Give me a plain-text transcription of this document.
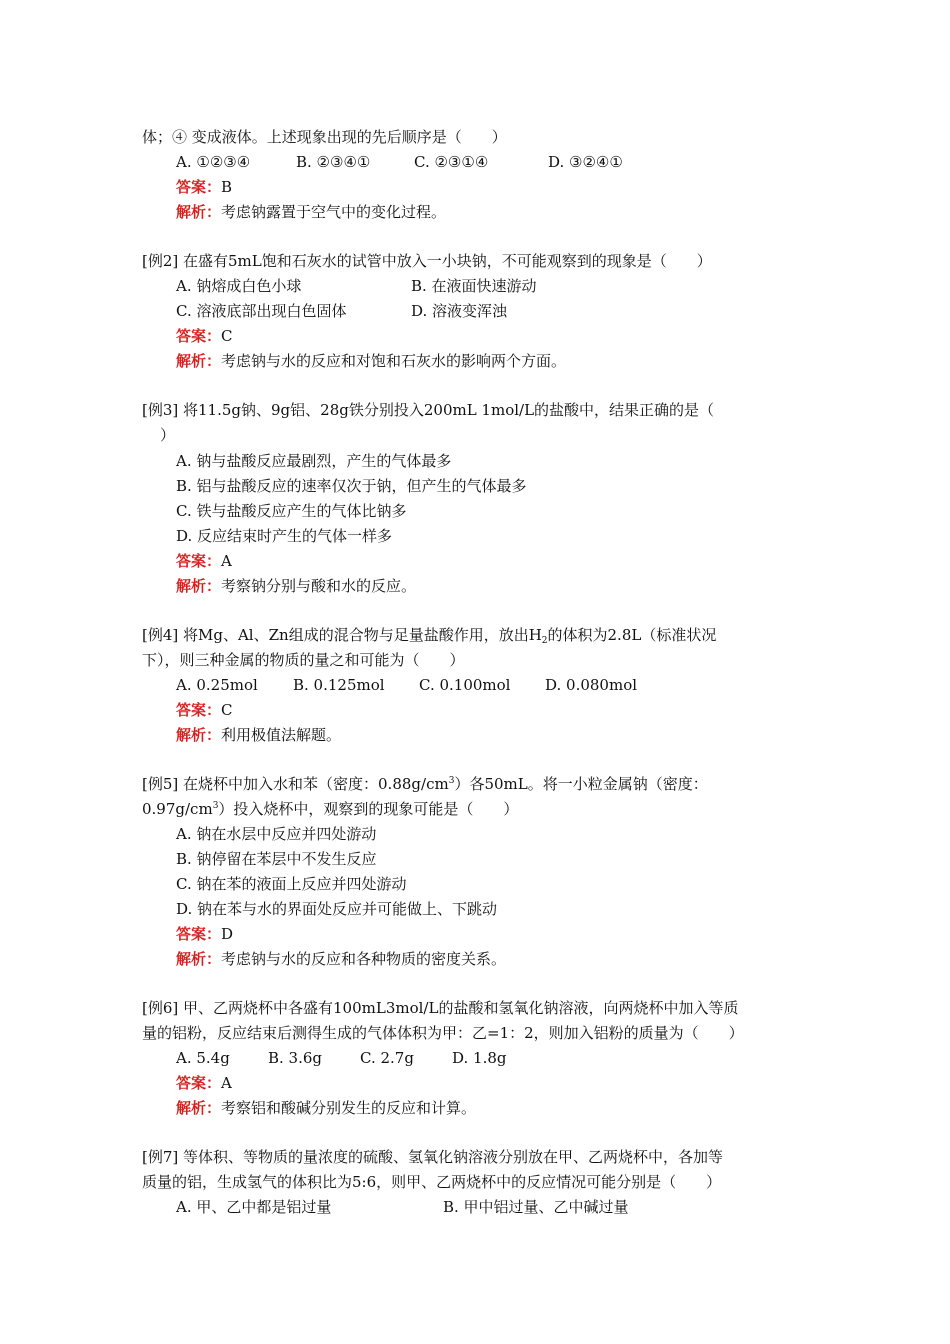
体；④ 变成液体。上述现象出现的先后顺序是（　　）
A. ①②③④	B. ②③④①	C. ②③①④	D. ③②④①
答案：B
解析：考虑钠露置于空气中的变化过程。
[例2] 在盛有5mL饱和石灰水的试管中放入一小块钠，不可能观察到的现象是（　　）
A. 钠熔成白色小球	B. 在液面快速游动
C. 溶液底部出现白色固体	D. 溶液变浑浊
答案：C
解析：考虑钠与水的反应和对饱和石灰水的影响两个方面。
[例3] 将11.5g钠、9g铝、28g铁分别投入200mL 1mol/L的盐酸中，结果正确的是（
）
A. 钠与盐酸反应最剧烈，产生的气体最多
B. 铝与盐酸反应的速率仅次于钠，但产生的气体最多
C. 铁与盐酸反应产生的气体比钠多
D. 反应结束时产生的气体一样多
答案：A
解析：考察钠分别与酸和水的反应。
[例4] 将Mg、Al、Zn组成的混合物与足量盐酸作用，放出$H_2$的体积为2.8L（标准状况
下），则三种金属的物质的量之和可能为（　　）
A. 0.25mol B. 0.125mol C. 0.100mol D. 0.080mol
答案：C
解析：利用极值法解题。
[例5] 在烧杯中加入水和苯（密度：$0.88g/cm^3$）各50mL。将一小粒金属钠（密度：
$0.97g/cm^3$）投入烧杯中，观察到的现象可能是（　　）
A. 钠在水层中反应并四处游动
B. 钠停留在苯层中不发生反应
C. 钠在苯的液面上反应并四处游动
D. 钠在苯与水的界面处反应并可能做上、下跳动
答案：D
解析：考虑钠与水的反应和各种物质的密度关系。
[例6] 甲、乙两烧杯中各盛有100mL3mol/L的盐酸和氢氧化钠溶液，向两烧杯中加入等质
量的铝粉，反应结束后测得生成的气体体积为甲：乙=1：2，则加入铝粉的质量为（　　）
A. 5.4g	B. 3.6g	C. 2.7g	D. 1.8g
答案：A
解析：考察铝和酸碱分别发生的反应和计算。
[例7] 等体积、等物质的量浓度的硫酸、氢氧化钠溶液分别放在甲、乙两烧杯中，各加等
质量的铝，生成氢气的体积比为5:6，则甲、乙两烧杯中的反应情况可能分别是（　　）
A. 甲、乙中都是铝过量	B. 甲中铝过量、乙中碱过量
